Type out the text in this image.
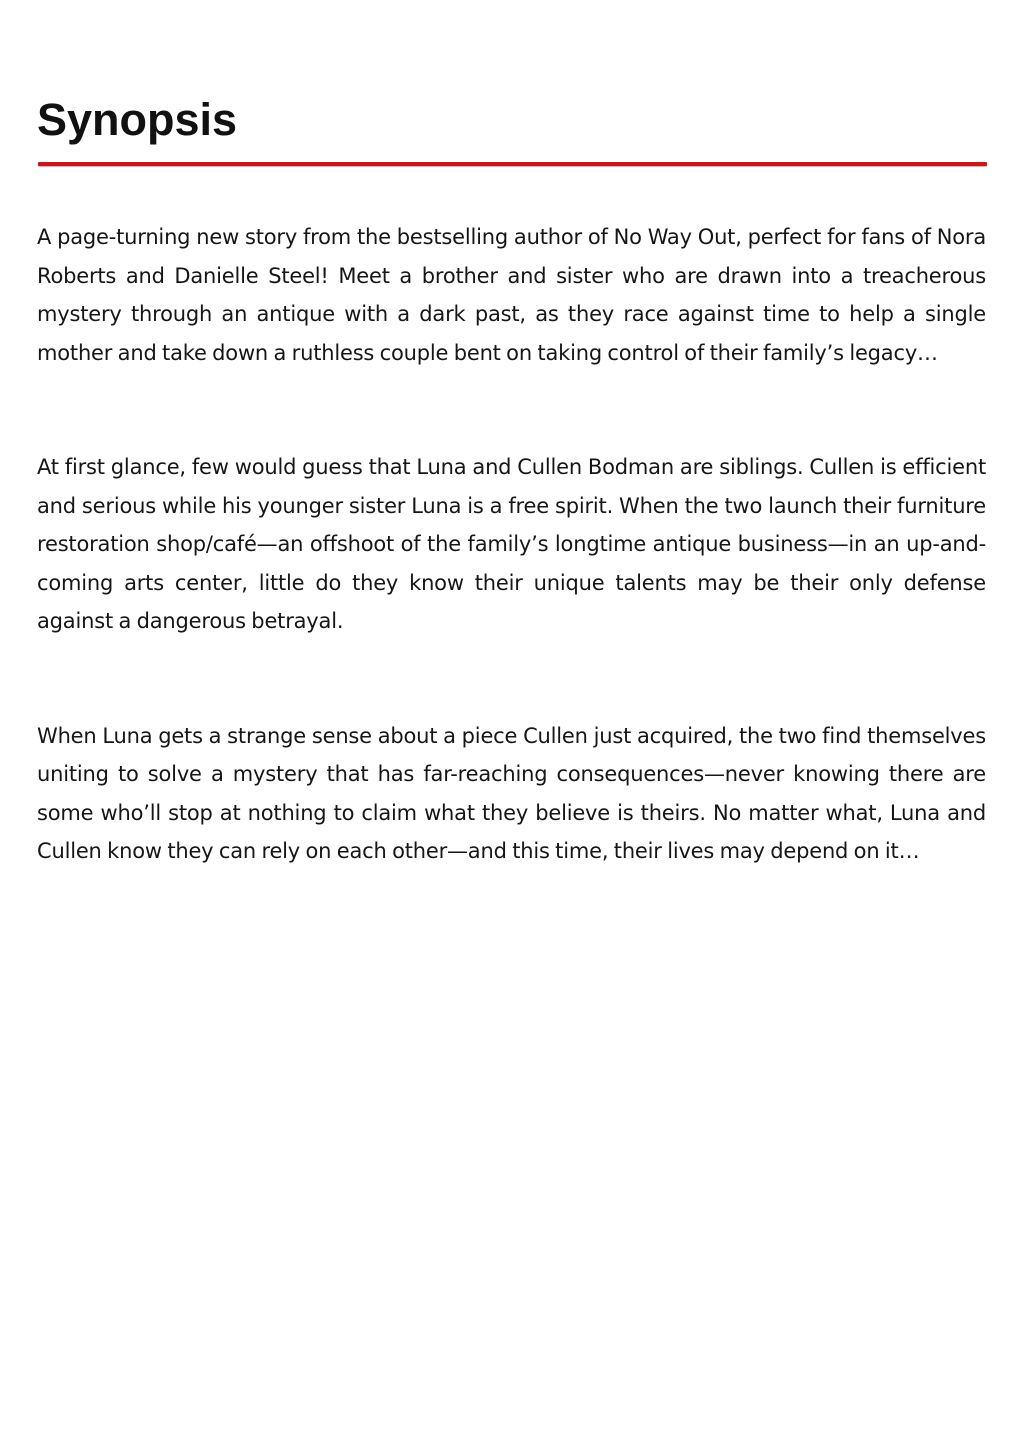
Synopsis

A page-turning new story from the bestselling author of No Way Out, perfect for fans of Nora Roberts and Danielle Steel! Meet a brother and sister who are drawn into a treacherous mystery through an antique with a dark past, as they race against time to help a single mother and take down a ruthless couple bent on taking control of their family’s legacy…

At first glance, few would guess that Luna and Cullen Bodman are siblings. Cullen is efficient and serious while his younger sister Luna is a free spirit. When the two launch their furniture restoration shop/café—an offshoot of the family’s longtime antique business—in an up-and-coming arts center, little do they know their unique talents may be their only defense against a dangerous betrayal.

When Luna gets a strange sense about a piece Cullen just acquired, the two find themselves uniting to solve a mystery that has far-reaching consequences—never knowing there are some who’ll stop at nothing to claim what they believe is theirs. No matter what, Luna and Cullen know they can rely on each other—and this time, their lives may depend on it…
